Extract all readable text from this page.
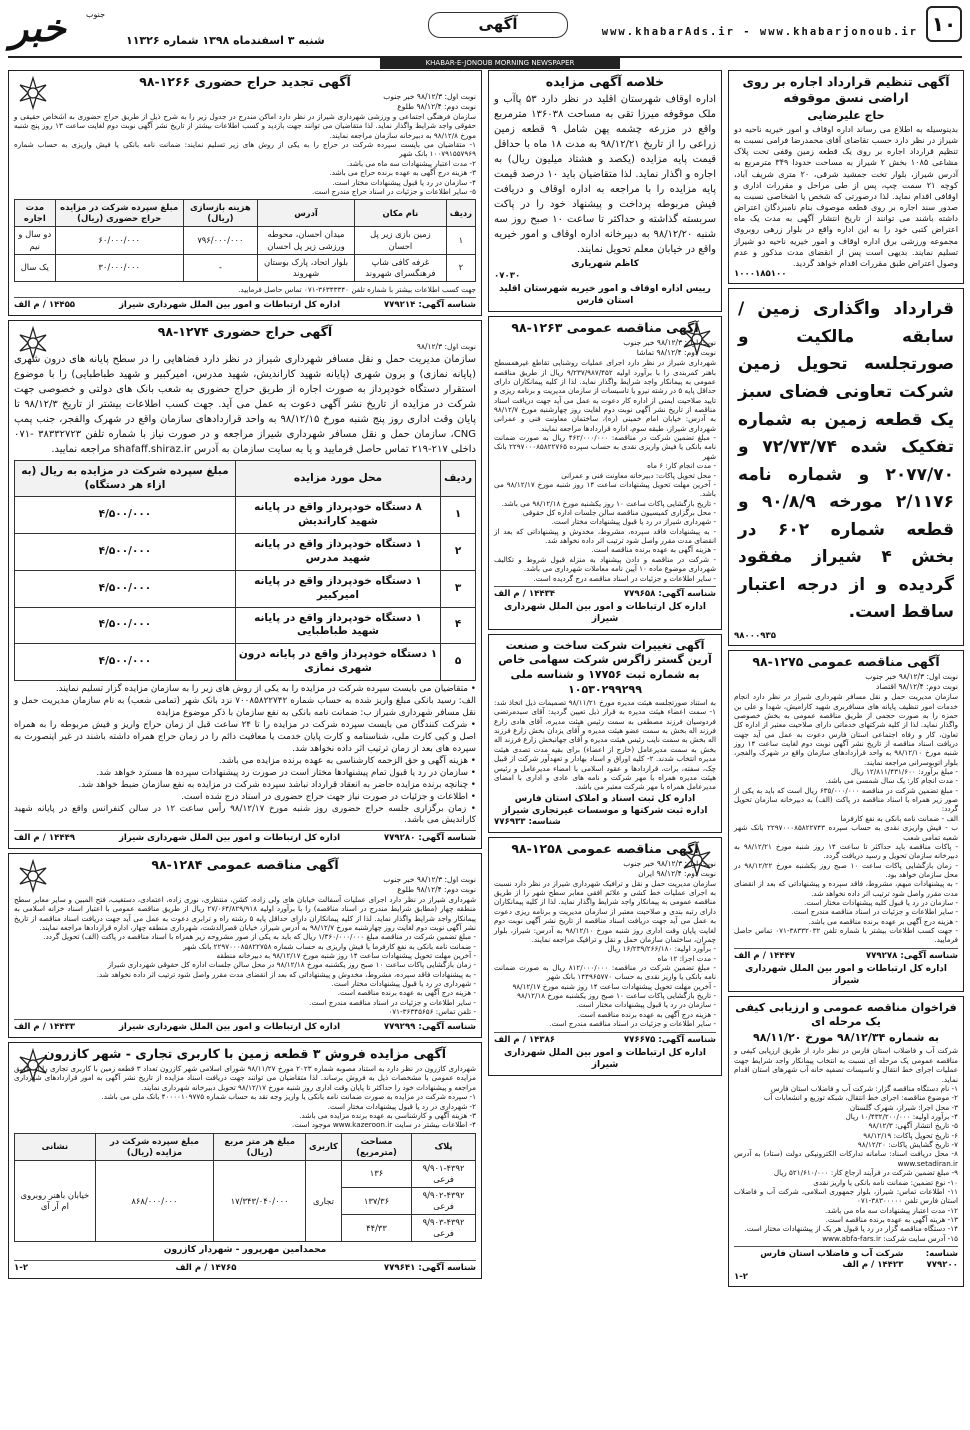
خبر	جنوب
شنبه ۳ اسفندماه ۱۳۹۸ شماره ۱۱۳۲۶
آگهی	www.khabarAds.ir - www.khabarjonoub.ir ۱۰
KHABAR-E-JONOUB MORNING NEWSPAPER
آگهی تنظیم قرارداد اجاره بر روی اراضی نسق موقوفه
حاج علیرضایی
بدینوسیله به اطلاع می رساند اداره اوقاف و امور خیریه ناحیه دو شیراز در نظر دارد حسب تقاضای آقای محمدرضا فرامی نسبت به تنظیم قرارداد اجاره بر روی یک قطعه زمین وقفی تحت پلاک مشاعی ۱۰۸۵ بخش ۲ شیراز به مساحت حدودا ۳۴۹ مترمربع به آدرس شیراز، بلوار تخت جمشید شرقی، ۲۰ متری شریف آباد، کوچه ۲۱ سمت چپ، پس از طی مراحل و مقررات اداری و اوقافی اقدام نماید. لذا درصورتی که شخص یا اشخاصی نسبت به صدور سند اجاره بر روی قطعه موصوف بنام نامبردگان اعتراض داشته باشند می توانند از تاریخ انتشار آگهی به مدت یک ماه اعتراض کتبی خود را به این اداره واقع در بلوار زرهی روبروی مجموعه ورزشی برق اداره اوقاف و امور خیریه ناحیه دو شیراز تسلیم نمایند. بدیهی است پس از انقضای مدت مذکور و عدم وصول اعتراض طبق مقررات اقدام خواهد گردید.
۱۰۰۰۱۸۵۱۰۰
قرارداد واگذاری زمین / سابقه مالکیت و صورتجلسه تحویل زمین شرکت تعاونی فضای سبز یک قطعه زمین به شماره تفکیک شده ۷۲/۷۳/۷۴ و ۲۰۷۷/۷۰ و شماره نامه ۲/۱۱۷۶ مورخه ۹۰/۸/۹ و قطعه شماره ۶۰۲ در بخش ۴ شیراز مفقود گردیده و از درجه اعتبار ساقط است.
۹۸۰۰۰۹۳۵
آگهی مناقصه عمومی ۱۲۷۵-۹۸
نوبت اول: ۹۸/۱۲/۳ خبر جنوب
نوبت دوم: ۹۸/۱۲/۴ اقتصاد
سازمان مدیریت حمل و نقل مسافر شهرداری شیراز در نظر دارد انجام خدمات امور تنظیف پایانه های مسافربری شهید کارامیش، شهدا و علی بن حمزه را به صورت حجمی از طریق مناقصه عمومی به بخش خصوصی واگذار نماید. لذا از کلیه شرکتهای خدماتی دارای صلاحیت معتبر از اداره کل تعاون، کار و رفاه اجتماعی استان فارس دعوت به عمل می آید جهت دریافت اسناد مناقصه از تاریخ نشر آگهی نوبت دوم لغایت ساعت ۱۴ روز شنبه مورخ ۹۸/۱۲/۱۰ به واحد قراردادهای سازمان واقع در شهرک والفجر، بلوار اتوبوسرانی مراجعه نمایند.
- مبلغ برآورد: ۱۲/۸۱۱/۴۳۱/۶۰۰ ریال
- مدت انجام کار: یک سال شمسی می باشد.
- مبلغ تضمین شرکت در مناقصه ۶۳۵/۰۰۰/۰۰۰ ریال است که باید به یکی از صور زیر همراه با اسناد مناقصه در پاکت (الف) به دبیرخانه سازمان تحویل گردد:
الف - ضمانت نامه بانکی به نفع کارفرما
ب - فیش واریزی نقدی به حساب سپرده ۲۲۹۷۰۰۰۸۵۸۲۲۷۴۳ بانک شهر شعبه تمامی شعب
- پاکات مناقصه باید حداکثر تا ساعت ۱۴ روز شنبه مورخ ۹۸/۱۲/۲۱ به دبیرخانه سازمان تحویل و رسید دریافت گردد.
- زمان بازگشایی پاکات ساعت ۱۰ صبح روز یکشنبه مورخ ۹۸/۱۲/۲۲ در محل سازمان خواهد بود.
- به پیشنهادات مبهم، مشروط، فاقد سپرده و پیشنهاداتی که بعد از انقضای مدت مقرر واصل شود ترتیب اثر داده نخواهد شد.
- سازمان در رد یا قبول کلیه پیشنهادات مختار است.
- سایر اطلاعات و جزئیات در اسناد مناقصه مندرج است.
- هزینه درج آگهی بر عهده برنده مناقصه می باشد.
- جهت کسب اطلاعات بیشتر با شماره تلفن ۳۸۳۳۲۰۳۲-۰۷۱ تماس حاصل فرمایید.
شناسه آگهی: ۷۷۹۲۷۸
۱۴۴۴۷ / م الف
اداره کل ارتباطات و امور بین الملل شهرداری شیراز
فراخوان مناقصه عمومی و ارزیابی کیفی یک مرحله ای
به شماره ۹۸/۱۲/۳۴ مورخ ۹۸/۱۱/۲۰
شرکت آب و فاضلاب استان فارس در نظر دارد از طریق ارزیابی کیفی و مناقصه عمومی یک مرحله ای نسبت به انتخاب پیمانکار واجد شرایط جهت عملیات اجرای خط انتقال و تاسیسات تصفیه خانه آب شهرهای استان اقدام نماید.
۱- نام دستگاه مناقصه گزار: شرکت آب و فاضلاب استان فارس
۲- موضوع مناقصه: اجرای خط انتقال، شبکه توزیع و انشعابات آب
۳- محل اجرا: شیراز، شهرک گلستان
۴- برآورد اولیه: ۱۰/۴۳۲/۲۰۰/۰۰۰ ریال
۵- تاریخ انتشار آگهی: ۹۸/۱۲/۳
۶- تاریخ تحویل پاکات: ۹۸/۱۲/۱۹
۷- تاریخ گشایش پاکات: ۹۸/۱۲/۲۰
۸- محل دریافت اسناد: سامانه تدارکات الکترونیکی دولت (ستاد) به آدرس www.setadiran.ir
۹- مبلغ تضمین شرکت در فرآیند ارجاع کار: ۵۲۱/۶۱۰/۰۰۰ ریال
۱۰- نوع تضمین: ضمانت نامه بانکی یا واریز نقدی
۱۱- اطلاعات تماس: شیراز، بلوار جمهوری اسلامی، شرکت آب و فاضلاب استان فارس تلفن ۳۸۳۰۰۰۰۰-۰۷۱
۱۲- مدت اعتبار پیشنهادات سه ماه می باشد.
۱۳- هزینه آگهی به عهده برنده مناقصه است.
۱۴- دستگاه مناقصه گزار در رد یا قبول هر یک از پیشنهادات مختار است.
۱۵- آدرس سایت شرکت: www.abfa-fars.ir
شناسه: ۷۷۹۲۰۰
شرکت آب و فاضلاب استان فارس ۱۴۴۲۳ / م الف
۱-۲
خلاصه آگهی مزایده
اداره اوقاف شهرستان اقلید در نظر دارد ۵۳ پاآب و ملک موقوفه میرزا تقی به مساحت ۱۳۶۰۳۸ مترمربع واقع در مزرعه چشمه پهن شامل ۹ قطعه زمین زراعی را از تاریخ ۹۸/۱۲/۲۱ به مدت ۱۸ ماه با حداقل قیمت پایه مزایده (یکصد و هشتاد میلیون ریال) به اجاره و اگذار نماید. لذا متقاضیان باید ۱۰ درصد قیمت پایه مزایده را با مراجعه به اداره اوقاف و دریافت فیش مربوطه پرداخت و پیشنهاد خود را در پاکت سربسته گذاشته و حداکثر تا ساعت ۱۰ صبح روز سه شنبه ۹۸/۱۲/۲۰ به دبیرخانه اداره اوقاف و امور خیریه واقع در خیابان معلم تحویل نمایند.
کاظم شهریاری
۰۷۰۳۰
رییس اداره اوقاف و امور خیریه شهرستان اقلید استان فارس
آگهی مناقصه عمومی ۱۲۶۳-۹۸
نوبت اول: ۹۸/۱۲/۳ خبر جنوب
نوبت دوم: ۹۸/۱۲/۴ تماشا
شهرداری شیراز در نظر دارد اجرای عملیات روشنایی تقاطع غیرهمسطح باهنر کمربندی را با برآورد اولیه ۹/۲۳۷/۹۸۷/۴۵۲ ریال از طریق مناقصه عمومی به پیمانکار واجد شرایط واگذار نماید. لذا از کلیه پیمانکاران دارای حداقل پایه ۵ در رشته نیرو یا تاسیسات از سازمان مدیریت و برنامه ریزی و تایید صلاحیت ایمنی از اداره کار دعوت به عمل می آید جهت دریافت اسناد مناقصه از تاریخ نشر آگهی نوبت دوم لغایت روز چهارشنبه مورخ ۹۸/۱۲/۷ به آدرس: خیابان امام خمینی (ره)، ساختمان معاونت فنی و عمرانی شهرداری شیراز، طبقه سوم، اداره قراردادها مراجعه نمایند.
- مبلغ تضمین شرکت در مناقصه: ۴۶۲/۰۰۰/۰۰۰ ریال به صورت ضمانت نامه بانکی یا فیش واریزی نقدی به حساب سپرده ۲۲۹۷۰۰۰۸۵۸۲۲۷۶۵ بانک شهر
- مدت انجام کار: ۶ ماه
- محل تحویل پاکات: دبیرخانه معاونت فنی و عمرانی
- آخرین مهلت تحویل پیشنهادات ساعت ۱۴ روز شنبه مورخ ۹۸/۱۲/۱۷ می باشد.
- تاریخ بازگشایی پاکات ساعت ۱۰ روز یکشنبه مورخ ۹۸/۱۲/۱۸ می باشد.
- محل برگزاری کمیسیون مناقصه سالن جلسات اداره کل حقوقی
- شهرداری شیراز در رد یا قبول پیشنهادات مختار است.
- به پیشنهادات فاقد سپرده، مشروط، مخدوش و پیشنهاداتی که بعد از انقضای مدت مقرر واصل شود ترتیب اثر داده نخواهد شد.
- هزینه آگهی به عهده برنده مناقصه است.
- شرکت در مناقصه و دادن پیشنهاد به منزله قبول شروط و تکالیف شهرداری موضوع ماده ۱۰ آیین نامه معاملات شهرداری می باشد.
- سایر اطلاعات و جزئیات در اسناد مناقصه درج گردیده است.
شناسه آگهی: ۷۷۹۶۵۸
۱۴۴۳۴ / م الف
اداره کل ارتباطات و امور بین الملل شهرداری شیراز
آگهی تغییرات شرکت ساخت و صنعت آرین گستر زاگرس شرکت سهامی خاص به شماره ثبت ۱۷۷۵۶ و شناسه ملی ۱۰۵۳۰۲۹۹۲۹۹
به استناد صورتجلسه هیئت مدیره مورخ ۹۸/۱۱/۲۱ تصمیمات ذیل اتخاذ شد: ۱- سمت اعضاء هیئت مدیره به قرار ذیل تعیین گردید: آقای سیدمرتضی فردوسیان فرزند مصطفی به سمت رئیس هیئت مدیره، آقای هادی زارع فرزند اله بخش به سمت عضو هیئت مدیره و آقای یزدان بخش زارع فرزند اله بخش به سمت نایب رئیس هیئت مدیره و آقای جهانبخش زارع فرزند اله بخش به سمت مدیرعامل (خارج از اعضاء) برای بقیه مدت تصدی هیئت مدیره انتخاب شدند. ۲- کلیه اوراق و اسناد بهادار و تعهدآور شرکت از قبیل چک، سفته، برات، قراردادها و عقود اسلامی با امضاء مدیرعامل و رئیس هیئت مدیره همراه با مهر شرکت و نامه های عادی و اداری با امضای مدیرعامل همراه با مهر شرکت معتبر می باشد.
اداره کل ثبت اسناد و املاک استان فارس
اداره ثبت شرکتها و موسسات غیرتجاری شیراز
شناسه: ۷۷۶۹۳۳
آگهی مناقصه عمومی ۱۲۵۸-۹۸
نوبت اول: ۹۸/۱۲/۳ خبر جنوب
نوبت دوم: ۹۸/۱۲/۴ ایران
سازمان مدیریت حمل و نقل و ترافیک شهرداری شیراز در نظر دارد نسبت به اجرای عملیات خط کشی و علائم افقی معابر سطح شهر را از طریق مناقصه عمومی به پیمانکار واجد شرایط واگذار نماید. لذا از کلیه پیمانکاران دارای رتبه بندی و صلاحیت معتبر از سازمان مدیریت و برنامه ریزی دعوت به عمل می آید جهت دریافت اسناد مناقصه از تاریخ نشر آگهی نوبت دوم لغایت پایان وقت اداری روز شنبه مورخ ۹۸/۱۲/۱۰ به آدرس: شیراز، بلوار چمران، ساختمان سازمان حمل و نقل و ترافیک مراجعه نمایند.
- برآورد اولیه: ۱۶/۲۳۹/۲۶۶/۱۸۰ ریال
- مدت اجرا: ۱۲ ماه
- مبلغ تضمین شرکت در مناقصه: ۸۱۲/۰۰۰/۰۰۰ ریال به صورت ضمانت نامه بانکی یا واریز نقدی به حساب ۱۴۴۹۶۵۷۷۰ بانک شهر
- آخرین مهلت تحویل پیشنهادات ساعت ۱۴ روز شنبه مورخ ۹۸/۱۲/۱۷
- تاریخ بازگشایی پاکات ساعت ۱۰ صبح روز یکشنبه مورخ ۹۸/۱۲/۱۸
- سازمان در رد یا قبول پیشنهادات مختار است.
- هزینه درج آگهی به عهده برنده مناقصه است.
- سایر اطلاعات و جزئیات در اسناد مناقصه مندرج است.
شناسه آگهی: ۷۷۶۶۷۵
۱۴۳۸۶ / م الف
اداره کل ارتباطات و امور بین الملل شهرداری شیراز
آگهی تجدید حراج حضوری ۱۲۶۶-۹۸
نوبت اول: ۹۸/۱۲/۳ خبر جنوب
نوبت دوم: ۹۸/۱۲/۴ طلوع
سازمان فرهنگی اجتماعی و ورزشی شهرداری شیراز در نظر دارد اماکن مندرج در جدول زیر را به شرح ذیل از طریق حراج حضوری به اشخاص حقیقی و حقوقی واجد شرایط واگذار نماید. لذا متقاضیان می توانند جهت بازدید و کسب اطلاعات بیشتر از تاریخ نشر آگهی نوبت دوم لغایت ساعت ۱۳ روز پنج شنبه مورخ ۹۸/۱۲/۸ به دبیرخانه سازمان مراجعه نمایند.
۱- متقاضیان می بایست سپرده شرکت در حراج را به یکی از روش های زیر تسلیم نمایند: ضمانت نامه بانکی یا فیش واریزی به حساب شماره ۱۰۰۷۹۱۵۵۷۹۶۹ بانک شهر
۲- مدت اعتبار پیشنهادات سه ماه می باشد.
۳- هزینه درج آگهی به عهده برنده حراج می باشد.
۴- سازمان در رد یا قبول پیشنهادات مختار است.
۵- سایر اطلاعات و جزئیات در اسناد حراج مندرج است.
ردیف	نام مکان	آدرس	هزینه بازسازی (ریال)	مبلغ سپرده شرکت در مزایده حراج حضوری (ریال)	مدت اجاره
۱	زمین بازی زیر پل احسان	میدان احسان، محوطه ورزشی زیر پل احسان	۷۹۶/۰۰۰/۰۰۰	۶۰/۰۰۰/۰۰۰	دو سال و نیم
۲	غرفه کافی شاپ فرهنگسرای شهروند	بلوار اتحاد، پارک بوستان شهروند	-	۳۰/۰۰۰/۰۰۰	یک سال
جهت کسب اطلاعات بیشتر با شماره تلفن ۳۶۳۴۳۳۴۰-۰۷۱ تماس حاصل فرمایید.
شناسه آگهی: ۷۷۹۲۱۴
اداره کل ارتباطات و امور بین الملل شهرداری شیراز
۱۴۴۵۵ / م الف
آگهی حراج حضوری ۱۲۷۴-۹۸
نوبت اول: ۹۸/۱۲/۳
سازمان مدیریت حمل و نقل مسافر شهرداری شیراز در نظر دارد فضاهایی را در سطح پایانه های درون شهری (پایانه نمازی) و برون شهری (پایانه شهید کاراندیش، شهید مدرس، امیرکبیر و شهید طباطبایی) را با موضوع استقرار دستگاه خودپرداز به صورت اجاره از طریق حراج حضوری به شعب بانک های دولتی و خصوصی جهت شرکت در مزایده از تاریخ نشر آگهی دعوت به عمل می آید. جهت کسب اطلاعات بیشتر از تاریخ ۹۸/۱۲/۳ تا پایان وقت اداری روز پنج شنبه مورخ ۹۸/۱۲/۱۵ به واحد قراردادهای سازمان واقع در شهرک والفجر، جنب پمپ CNG، سازمان حمل و نقل مسافر شهرداری شیراز مراجعه و در صورت نیاز با شماره تلفن ۳۸۳۳۲۷۲۳ -۰۷۱ داخلی ۲۱۷-۲۱۹ تماس حاصل فرمایید و یا به سایت سازمان به آدرس shafaff.shiraz.ir مراجعه نمایید.
ردیف	محل مورد مزایده	مبلغ سپرده شرکت در مزایده به ریال (به ازاء هر دستگاه)
۱	۸ دستگاه خودپرداز واقع در پایانه شهید کاراندیش	۴/۵۰۰/۰۰۰
۲	۱ دستگاه خودپرداز واقع در پایانه شهید مدرس	۴/۵۰۰/۰۰۰
۳	۱ دستگاه خودپرداز واقع در پایانه امیرکبیر	۴/۵۰۰/۰۰۰
۴	۱ دستگاه خودپرداز واقع در پایانه شهید طباطبایی	۴/۵۰۰/۰۰۰
۵	۱ دستگاه خودپرداز واقع در پایانه درون شهری نمازی	۴/۵۰۰/۰۰۰
• متقاضیان می بایست سپرده شرکت در مزایده را به یکی از روش های زیر را به سازمان مزایده گزار تسلیم نمایند.
الف: رسید بانکی مبلغ واریز شده به حساب شماره ۷۰۰۸۵۸۲۲۷۴۲ نزد بانک شهر (تمامی شعب) به نام سازمان مدیریت حمل و نقل مسافر شهرداری شیراز ب: ضمانت نامه بانکی به نفع سازمان با ذکر موضوع مزایده
• شرکت کنندگان می بایست سپرده شرکت در مزایده را تا ۲۴ ساعت قبل از زمان حراج واریز و فیش مربوطه را به همراه اصل و کپی کارت ملی، شناسنامه و کارت پایان خدمت یا معافیت دائم را در زمان حراج همراه داشته باشند در غیر اینصورت به سپرده های بعد از زمان ترتیب اثر داده نخواهد شد.
• هزینه آگهی و حق الزحمه کارشناسی به عهده برنده مزایده می باشد.
• سازمان در رد یا قبول تمام پیشنهادها مختار است در صورت رد پیشنهادات سپرده ها مسترد خواهد شد.
• چنانچه برنده مزایده حاضر به انعقاد قرارداد نباشد سپرده شرکت در مزایده به نفع سازمان ضبط خواهد شد.
• اطلاعات و جزئیات در صورت نیاز جهت حراج حضوری در اسناد درج شده است.
• زمان برگزاری جلسه حراج حضوری روز شنبه مورخ ۹۸/۱۲/۱۷ رأس ساعت ۱۲ در سالن کنفرانس واقع در پایانه شهید کاراندیش می باشد.
شناسه آگهی: ۷۷۹۲۸۰
اداره کل ارتباطات و امور بین الملل شهرداری شیراز
۱۴۴۴۹ / م الف
آگهی مناقصه عمومی ۱۲۸۴-۹۸
نوبت اول: ۹۸/۱۲/۳ خبر جنوب
نوبت دوم: ۹۸/۱۲/۴ طلوع
شهرداری شیراز در نظر دارد اجرای عملیات آسفالت خیابان های ولی زاده، کشن، منتظری، نوری زاده، اعتمادی، دستغیب، فتح المبین و سایر معابر سطح منطقه چهار (مطابق شرایط مندرج در اسناد مناقصه) را با برآورد اولیه ۲۷/۰۶۴/۸۲۹/۹۱۸ ریال از طریق مناقصه عمومی با اعتبار اسناد خزانه اسلامی به پیمانکار واجد شرایط واگذار نماید. لذا از کلیه پیمانکاران دارای حداقل پایه ۵ رشته راه و ترابری دعوت به عمل می آید جهت دریافت اسناد مناقصه از تاریخ نشر آگهی نوبت دوم لغایت روز چهارشنبه مورخ ۹۸/۱۲/۷ به آدرس شیراز، خیابان قصرالدشت، شهرداری منطقه چهار، اداره قراردادها مراجعه نمایند.
- مبلغ تضمین شرکت در مناقصه مبلغ ۱/۳۶۰/۰۰۰/۰۰۰ ریال که باید به یکی از صور مشروحه زیر همراه با اسناد مناقصه در پاکت (الف) تحویل گردد.
- ضمانت نامه بانکی به نفع کارفرما یا فیش واریزی به حساب شماره ۲۲۹۷۰۰۰۸۵۸۲۲۷۵۸ بانک شهر
- آخرین مهلت تحویل پیشنهادات ساعت ۱۴ روز شنبه مورخ ۹۸/۱۲/۱۷ به دبیرخانه منطقه
- زمان بازگشایی پاکات ساعت ۱۰ صبح روز یکشنبه مورخ ۹۸/۱۲/۱۸ در محل سالن جلسات اداره کل حقوقی شهرداری شیراز
- به پیشنهادات فاقد سپرده، مشروط، مخدوش و پیشنهاداتی که بعد از انقضای مدت مقرر واصل شود ترتیب اثر داده نخواهد شد.
- شهرداری در رد یا قبول پیشنهادات مختار است.
- هزینه درج آگهی به عهده برنده مناقصه است.
- سایر اطلاعات و جزئیات در اسناد مناقصه مندرج است.
- تلفن تماس: ۳۶۳۴۵۶۵۶-۰۷۱
شناسه آگهی: ۷۷۹۲۹۹
اداره کل ارتباطات و امور بین الملل شهرداری شیراز
۱۴۴۳۳ / م الف
آگهی مزایده فروش ۳ قطعه زمین با کاربری تجاری - شهر کازرون
شهرداری کازرون در نظر دارد به استناد مصوبه شماره ۲۰۲۳ مورخ ۹۸/۱۱/۲۷ شورای اسلامی شهر کازرون تعداد ۳ قطعه زمین با کاربری تجاری را از طریق مزایده عمومی با مشخصات ذیل به فروش برساند. لذا متقاضیان می توانند جهت دریافت اسناد مزایده از تاریخ نشر آگهی به امور قراردادهای شهرداری مراجعه و پیشنهادات خود را حداکثر تا پایان وقت اداری روز شنبه مورخ ۹۸/۱۲/۱۷ تحویل دبیرخانه شهرداری نمایند.
۱- سپرده شرکت در مزایده به صورت ضمانت نامه بانکی یا واریز وجه نقد به حساب شماره ۴۰۰۰۰۱۰۹۷۷۵ بانک ملی می باشد.
۲- شهرداری در رد یا قبول پیشنهادات مختار است.
۳- هزینه آگهی و کارشناسی به عهده برنده مزایده می باشد.
۴- اطلاعات بیشتر در سایت www.kazeroon.ir موجود است.
پلاک	مساحت (مترمربع)	کاربری	مبلغ هر متر مربع (ریال)	مبلغ سپرده شرکت در مزایده (ریال)	نشانی
۹/۹۰۱-۴۳۹۲ فرعی	۱۳۶	تجاری	۱۷/۳۴۳/۰۴۰/۰۰۰	۸۶۸/۰۰۰/۰۰۰	خیابان باهنر روبروی ام آر آی
۹/۹۰۲-۴۳۹۲ فرعی	۱۳۷/۳۶				
۹/۹۰۳-۴۳۹۲ فرعی	۴۴/۳۳				
محمدامین مهرپرور - شهردار کازرون
شناسه آگهی: ۷۷۹۶۴۱
۱۴۷۶۵ / م الف
۱-۲
